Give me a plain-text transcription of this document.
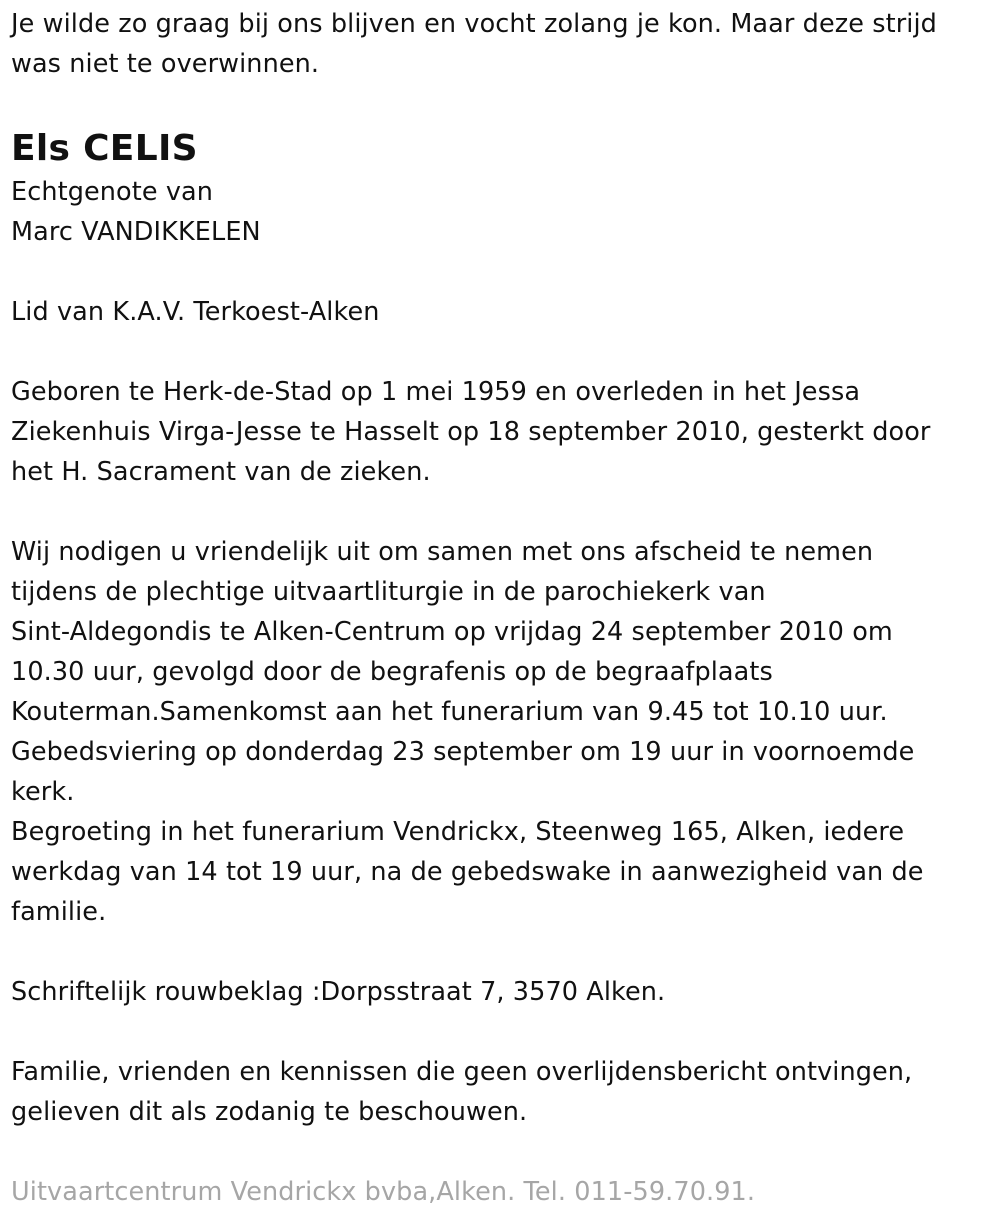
Je wilde zo graag bij ons blijven en vocht zolang je kon. Maar deze strijd
was niet te overwinnen.

Els CELIS

Echtgenote van
Marc VANDIKKELEN

Lid van K.A.V. Terkoest-Alken

Geboren te Herk-de-Stad op 1 mei 1959 en overleden in het Jessa
Ziekenhuis Virga-Jesse te Hasselt op 18 september 2010, gesterkt door
het H. Sacrament van de zieken.

Wij nodigen u vriendelijk uit om samen met ons afscheid te nemen
tijdens de plechtige uitvaartliturgie in de parochiekerk van
Sint-Aldegondis te Alken-Centrum op vrijdag 24 september 2010 om
10.30 uur, gevolgd door de begrafenis op de begraafplaats
Kouterman.Samenkomst aan het funerarium van 9.45 tot 10.10 uur.
Gebedsviering op donderdag 23 september om 19 uur in voornoemde
kerk.
Begroeting in het funerarium Vendrickx, Steenweg 165, Alken, iedere
werkdag van 14 tot 19 uur, na de gebedswake in aanwezigheid van de
familie.

Schriftelijk rouwbeklag :Dorpsstraat 7, 3570 Alken.

Familie, vrienden en kennissen die geen overlijdensbericht ontvingen,
gelieven dit als zodanig te beschouwen.

Uitvaartcentrum Vendrickx bvba,Alken. Tel. 011-59.70.91.
